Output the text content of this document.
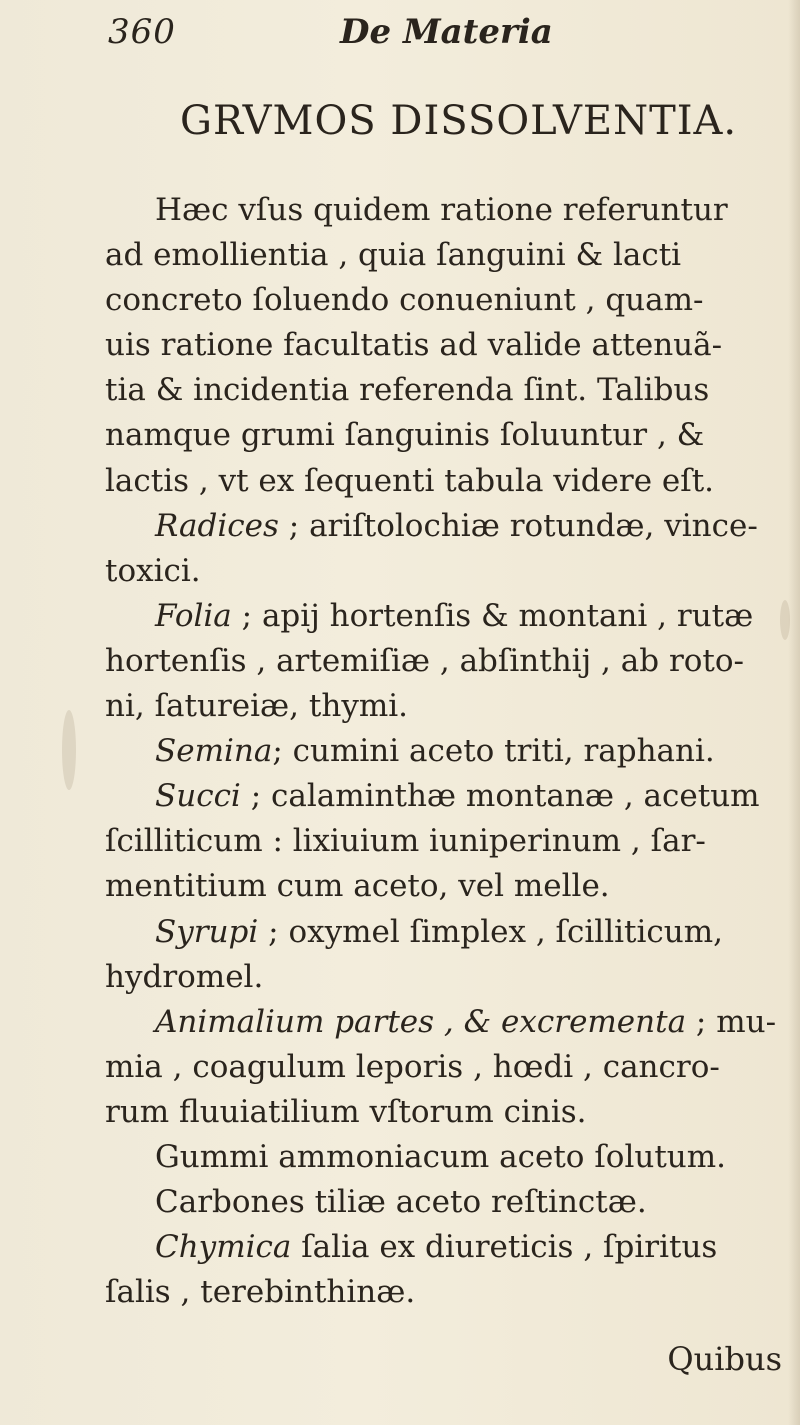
360	De Materia
GRVMOS DISSOLVENTIA.
Hæc vſus quidem ratione referuntur
ad emollientia , quia ſanguini & lacti
concreto ſoluendo conueniunt , quam-
uis ratione facultatis ad valide attenuã-
tia & incidentia referenda ſint. Talibus
namque grumi ſanguinis ſoluuntur , &
lactis , vt ex ſequenti tabula videre eſt.
Radices ; ariſtolochiæ rotundæ, vince-
toxici.
Folia ; apij hortenſis & montani , rutæ
hortenſis , artemiſiæ , abſinthij , ab roto-
ni, ſatureiæ, thymi.
Semina; cumini aceto triti, raphani.
Succi ; calaminthæ montanæ , acetum
ſcilliticum : lixiuium iuniperinum , ſar-
mentitium cum aceto, vel melle.
Syrupi ; oxymel ſimplex , ſcilliticum,
hydromel.
Animalium partes , & excrementa ; mu-
mia , coagulum leporis , hœdi , cancro-
rum fluuiatilium vſtorum cinis.
Gummi ammoniacum aceto ſolutum.
Carbones tiliæ aceto reſtinctæ.
Chymica ſalia ex diureticis , ſpiritus
ſalis , terebinthinæ.
Quibus
